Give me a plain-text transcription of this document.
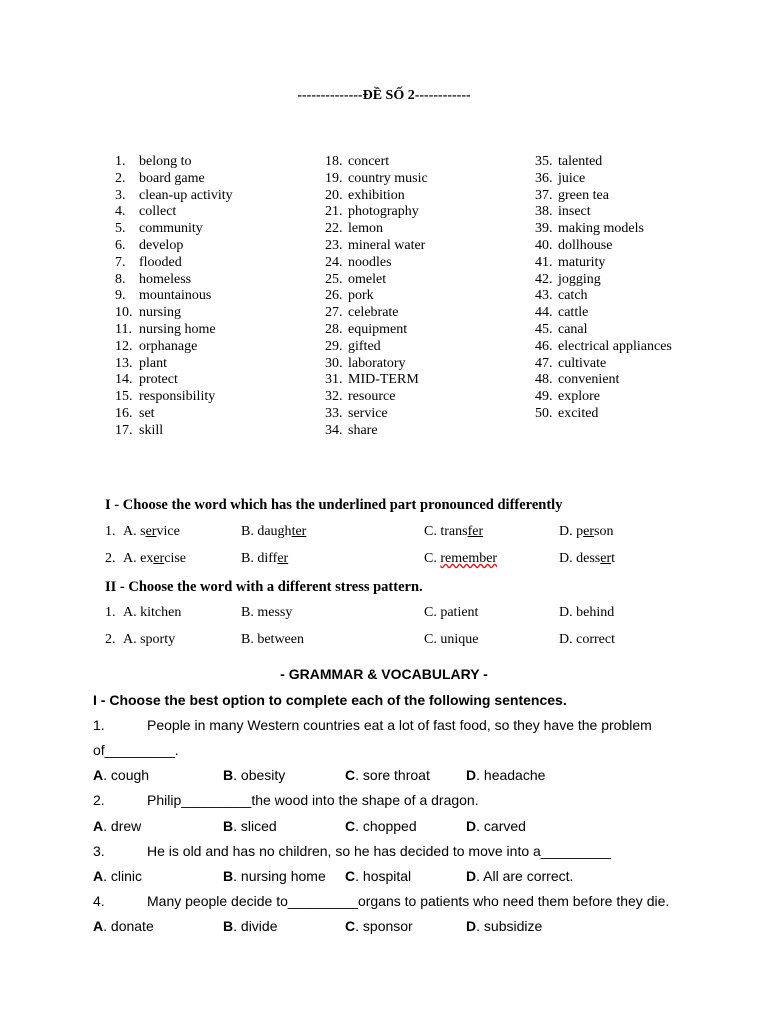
--------------ĐỀ SỐ 2------------
1. belong to
2. board game
3. clean-up activity
4. collect
5. community
6. develop
7. flooded
8. homeless
9. mountainous
10. nursing
11. nursing home
12. orphanage
13. plant
14. protect
15. responsibility
16. set
17. skill
18. concert
19. country music
20. exhibition
21. photography
22. lemon
23. mineral water
24. noodles
25. omelet
26. pork
27. celebrate
28. equipment
29. gifted
30. laboratory
31. MID-TERM
32. resource
33. service
34. share
35. talented
36. juice
37. green tea
38. insect
39. making models
40. dollhouse
41. maturity
42. jogging
43. catch
44. cattle
45. canal
46. electrical appliances
47. cultivate
48. convenient
49. explore
50. excited
I - Choose the word which has the underlined part pronounced differently
1. A. service	B. daughter	C. transfer	D. person
2. A. exercise	B. differ	C. remember	D. dessert
II - Choose the word with a different stress pattern.
1. A. kitchen	B. messy	C. patient	D. behind
2. A. sporty	B. between	C. unique	D. correct
- GRAMMAR & VOCABULARY -
I - Choose the best option to complete each of the following sentences.
1.	People in many Western countries eat a lot of fast food, so they have the problem
of_________.
A. cough	B. obesity	C. sore throat	D. headache
2.	Philip_________the wood into the shape of a dragon.
A. drew	B. sliced	C. chopped	D. carved
3.	He is old and has no children, so he has decided to move into a_________
A. clinic	B. nursing home C. hospital	D. All are correct.
4.	Many people decide to_________organs to patients who need them before they die.
A. donate	B. divide	C. sponsor	D. subsidize
